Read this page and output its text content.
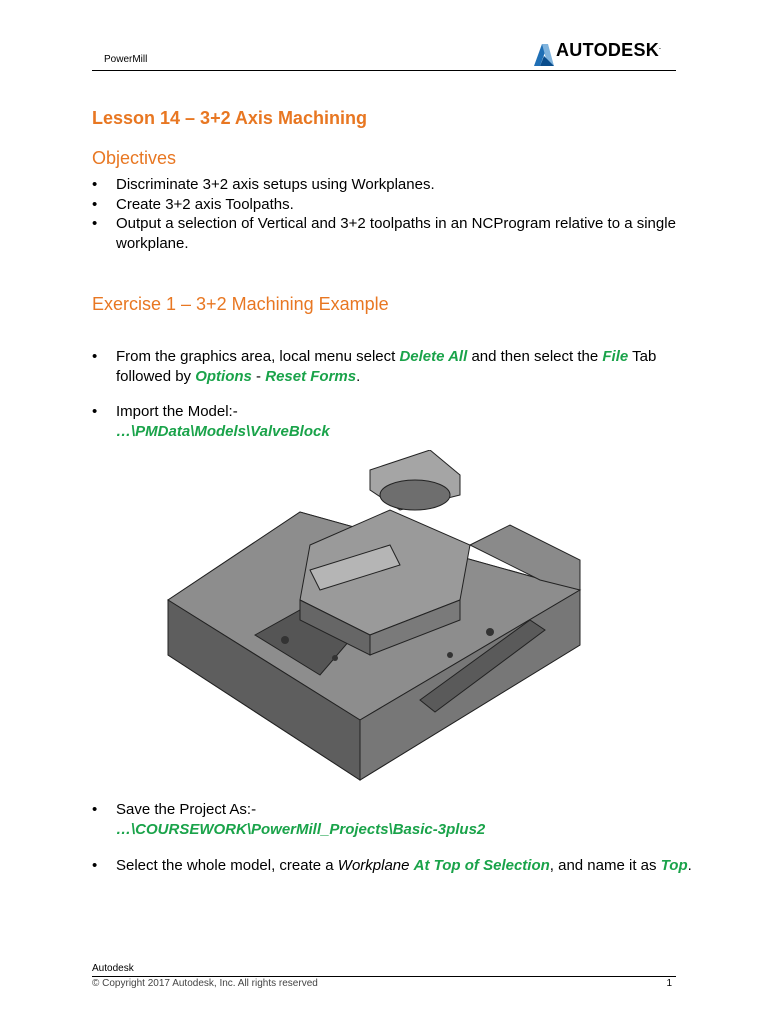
PowerMill	AUTODESK.
Lesson 14 – 3+2 Axis Machining
Objectives
• Discriminate 3+2 axis setups using Workplanes.
• Create 3+2 axis Toolpaths.
• Output a selection of Vertical and 3+2 toolpaths in an NCProgram relative to a single workplane.
Exercise 1 – 3+2 Machining Example
• From the graphics area, local menu select Delete All and then select the File Tab followed by Options - Reset Forms.
• Import the Model:-
…\PMData\Models\ValveBlock
• Save the Project As:-
…\COURSEWORK\PowerMill_Projects\Basic-3plus2
• Select the whole model, create a Workplane At Top of Selection, and name it as Top.
Autodesk
© Copyright 2017 Autodesk, Inc. All rights reserved	1
